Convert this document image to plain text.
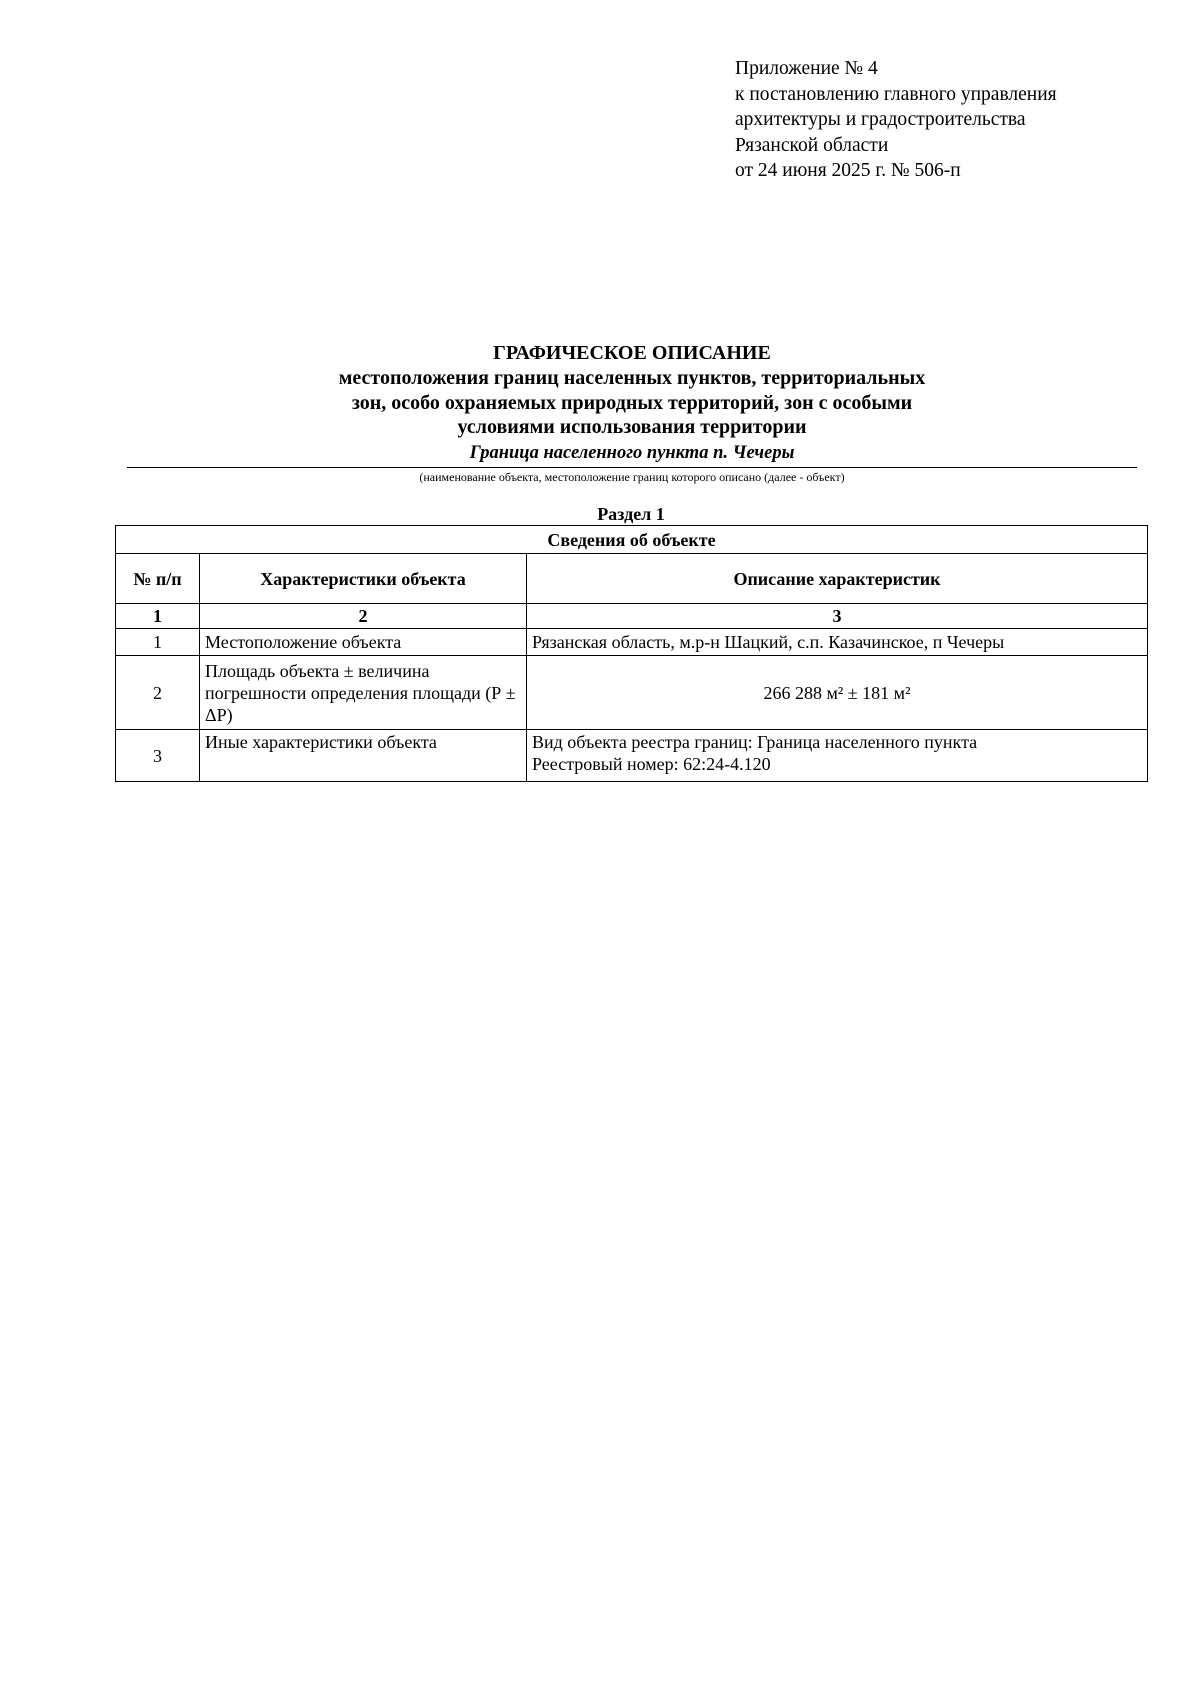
Приложение № 4
к постановлению главного управления
архитектуры и градостроительства
Рязанской области
от 24 июня 2025 г. № 506-п
ГРАФИЧЕСКОЕ ОПИСАНИЕ
местоположения границ населенных пунктов, территориальных
зон, особо охраняемых природных территорий, зон с особыми
условиями использования территории
Граница населенного пункта п. Чечеры
(наименование объекта, местоположение границ которого описано (далее - объект)
Раздел 1
Сведения об объекте		
№ п/п	Характеристики объекта	Описание характеристик
1	2	3
1	Местоположение объекта	Рязанская область, м.р-н Шацкий, с.п. Казачинское, п Чечеры
2	Площадь объекта ± величина погрешности определения площади (Р ± ΔР)	266 288 м² ± 181 м²
3	Иные характеристики объекта	Вид объекта реестра границ: Граница населенного пункта
Реестровый номер: 62:24-4.120
